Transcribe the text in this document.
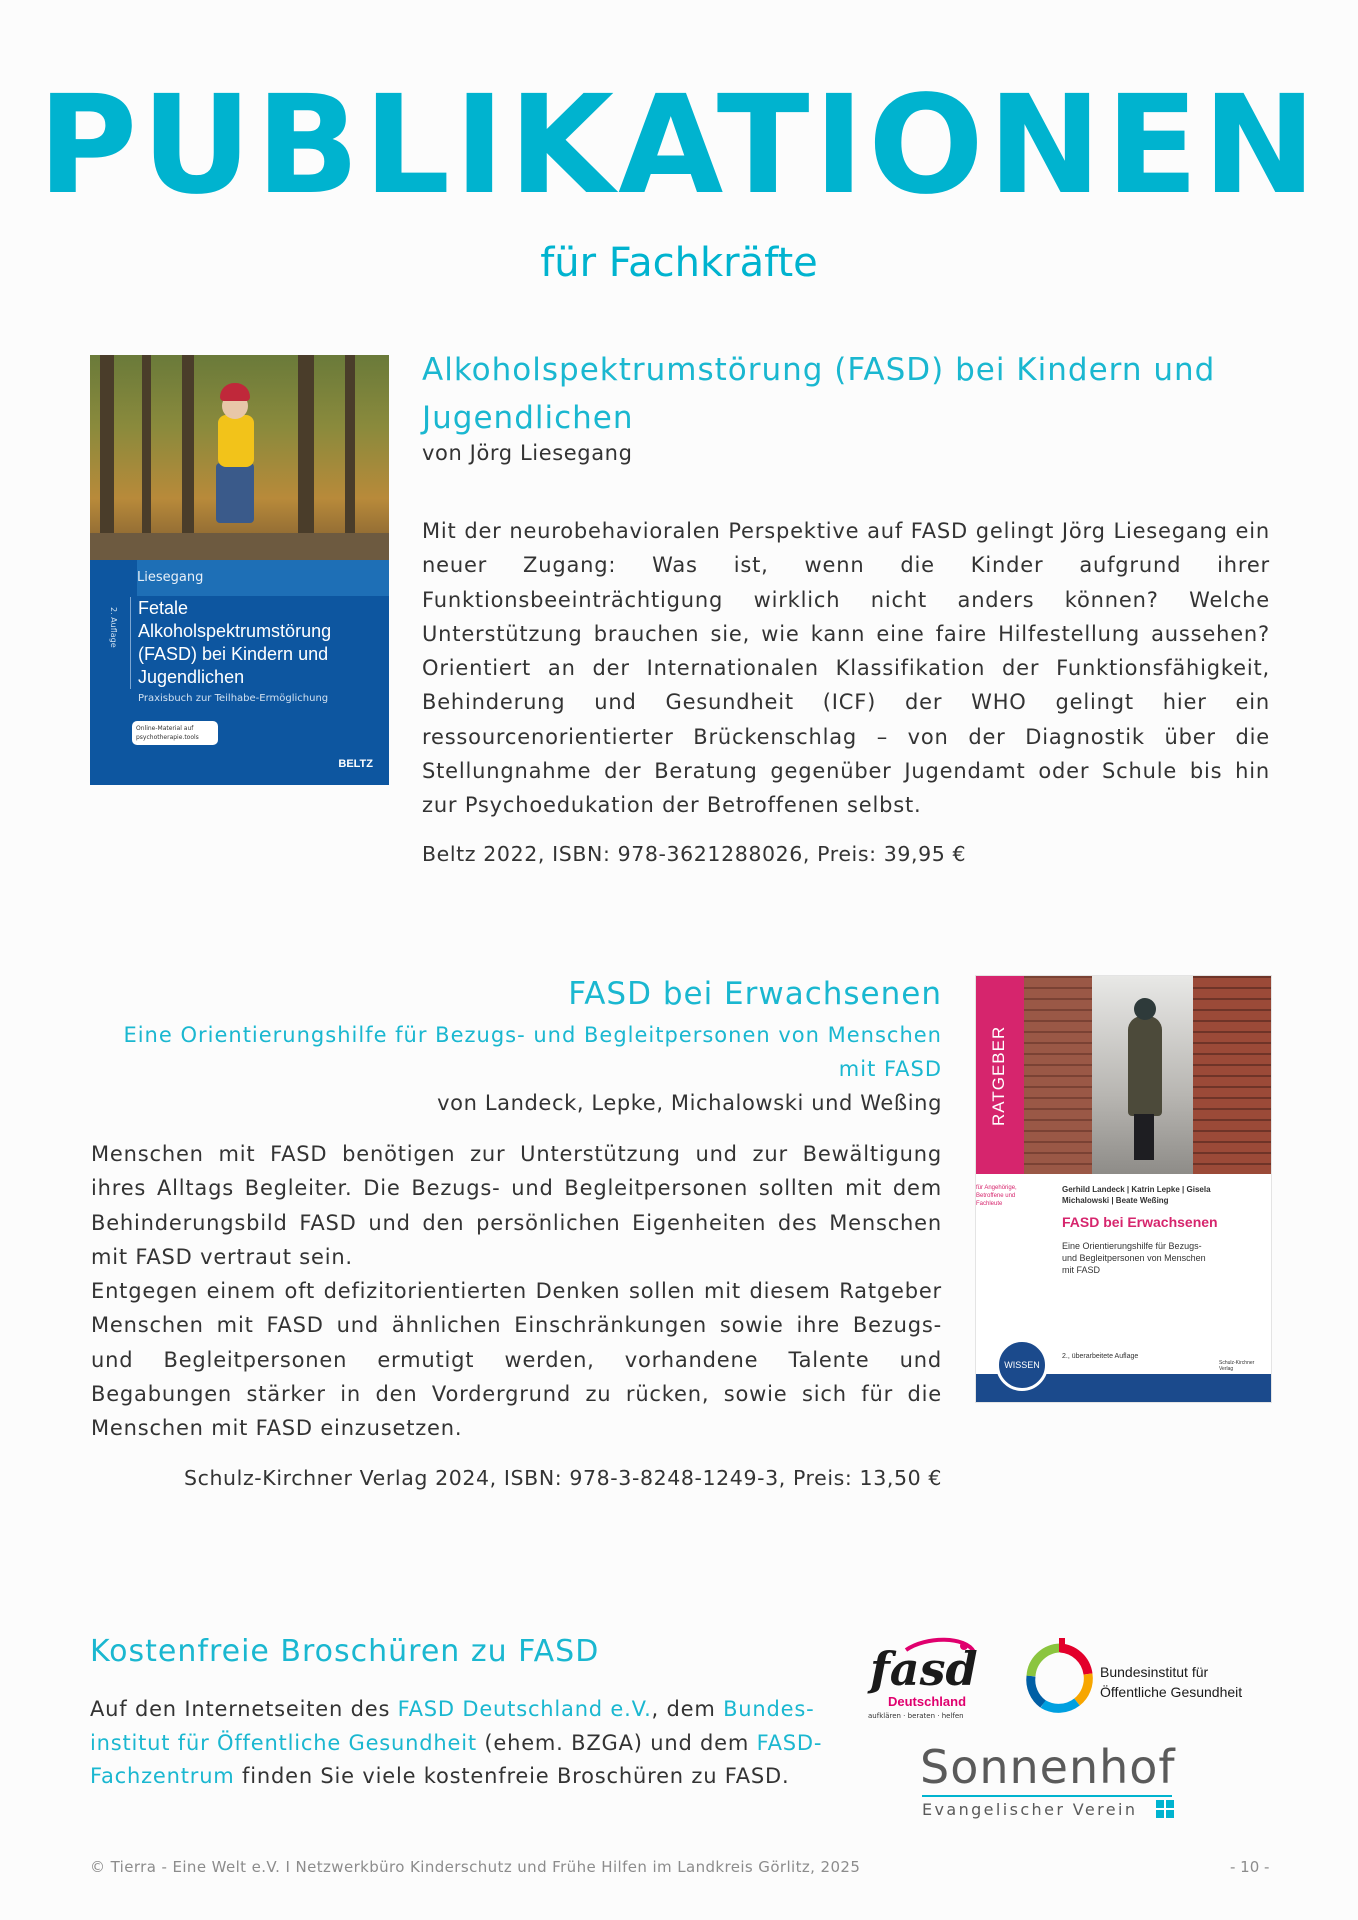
PUBLIKATIONEN

für Fachkräfte

Liesegang
2. Auflage Fetale Alkoholspektrumstörung (FASD) bei Kindern und Jugendlichen
Praxisbuch zur Teilhabe-Ermöglichung
Online-Material auf psychotherapie.tools
BELTZ

Alkoholspektrumstörung (FASD) bei Kindern und

Jugendlichen

von Jörg Liesegang

Mit der neurobehavioralen Perspektive auf FASD gelingt Jörg Liesegang ein neuer Zugang: Was ist, wenn die Kinder aufgrund ihrer Funktionsbeeinträchtigung wirklich nicht anders können? Welche Unterstützung brauchen sie, wie kann eine faire Hilfestellung aussehen? Orientiert an der Internationalen Klassifikation der Funktionsfähigkeit, Behinderung und Gesundheit (ICF) der WHO gelingt hier ein ressourcenorientierter Brückenschlag – von der Diagnostik über die Stellungnahme der Beratung gegenüber Jugendamt oder Schule bis hin zur Psychoedukation der Betroffenen selbst.

Beltz 2022, ISBN: 978-3621288026, Preis: 39,95 €

FASD bei Erwachsenen

Eine Orientierungshilfe für Bezugs- und Begleitpersonen von Menschen

mit FASD

von Landeck, Lepke, Michalowski und Weßing

Menschen mit FASD benötigen zur Unterstützung und zur Bewältigung ihres Alltags Begleiter. Die Bezugs- und Begleitpersonen sollten mit dem Behinderungsbild FASD und den persönlichen Eigenheiten des Menschen mit FASD vertraut sein.

Entgegen einem oft defizitorientierten Denken sollen mit diesem Ratgeber Menschen mit FASD und ähnlichen Einschränkungen sowie ihre Bezugs- und Begleitpersonen ermutigt werden, vorhandene Talente und Begabungen stärker in den Vordergrund zu rücken, sowie sich für die Menschen mit FASD einzusetzen.

Schulz-Kirchner Verlag 2024, ISBN: 978-3-8248-1249-3, Preis: 13,50 €

RATGEBER
für Angehörige, Betroffene und Fachleute
Gerhild Landeck | Katrin Lepke | Gisela Michalowski | Beate Weßing
FASD bei Erwachsenen
Eine Orientierungshilfe für Bezugs- und Begleitpersonen von Menschen mit FASD
WISSEN
2., überarbeitete Auflage
Schulz-Kirchner Verlag

Kostenfreie Broschüren zu FASD

Auf den Internetseiten des FASD Deutschland e.V., dem Bundes-institut für Öffentliche Gesundheit (ehem. BZGA) und dem FASD-Fachzentrum finden Sie viele kostenfreie Broschüren zu FASD.

fasd
Deutschland
aufklären · beraten · helfen
Bundesinstitut für
Öffentliche Gesundheit
Sonnenhof
Evangelischer Verein

© Tierra - Eine Welt e.V. I Netzwerkbüro Kinderschutz und Frühe Hilfen im Landkreis Görlitz, 2025	- 10 -
